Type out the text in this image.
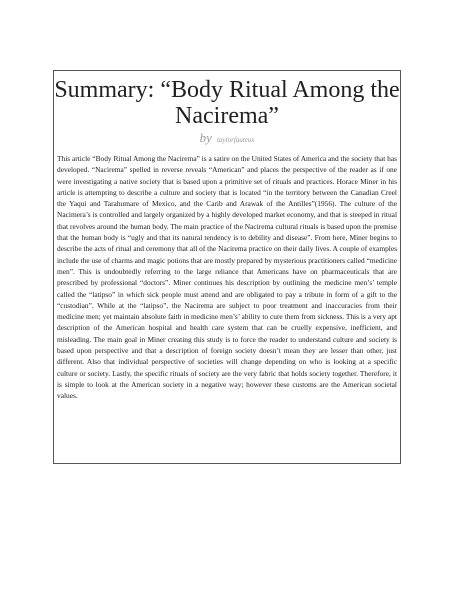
Summary: “Body Ritual Among the Nacirema”
by taylorfauteux

This article “Body Ritual Among the Nacirema” is a satire on the United States of America and the society that has developed. “Nacirema” spelled in reverse reveals “American” and places the perspective of the reader as if one were investigating a native society that is based upon a primitive set of rituals and practices. Horace Miner in his article is attempting to describe a culture and society that is located “in the territory between the Canadian Creel the Yaqui and Tarahumare of Mexico, and the Carib and Arawak of the Antilles”(1956). The culture of the Nacimera’s is controlled and largely organized by a highly developed market economy, and that is steeped in ritual that revolves around the human body. The main practice of the Nacirema cultural rituals is based upon the premise that the human body is “ugly and that its natural tendency is to debility and disease”. From here, Miner begins to describe the acts of ritual and ceremony that all of the Nacirema practice on their daily lives. A couple of examples include the use of charms and magic potions that are mostly prepared by mysterious practitioners called “medicine men”. This is undoubtedly referring to the large reliance that Americans have on pharmaceuticals that are prescribed by professional “doctors”. Miner continues his description by outlining the medicine men’s’ temple called the “latipso” in which sick people must attend and are obligated to pay a tribute in form of a gift to the “custodian”. While at the “latipso”, the Nacirema are subject to poor treatment and inaccuracies from their medicine men; yet maintain absolute faith in medicine men’s’ ability to cure them from sickness. This is a very apt description of the American hospital and health care system that can be cruelly expensive, inefficient, and misleading. The main goal in Miner creating this study is to force the reader to understand culture and society is based upon perspective and that a description of foreign society doesn’t mean they are lesser than other, just different. Also that individual perspective of societies will change depending on who is looking at a specific culture or society. Lastly, the specific rituals of society are the very fabric that holds society together. Therefore, it is simple to look at the American society in a negative way; however these customs are the American societal values.
